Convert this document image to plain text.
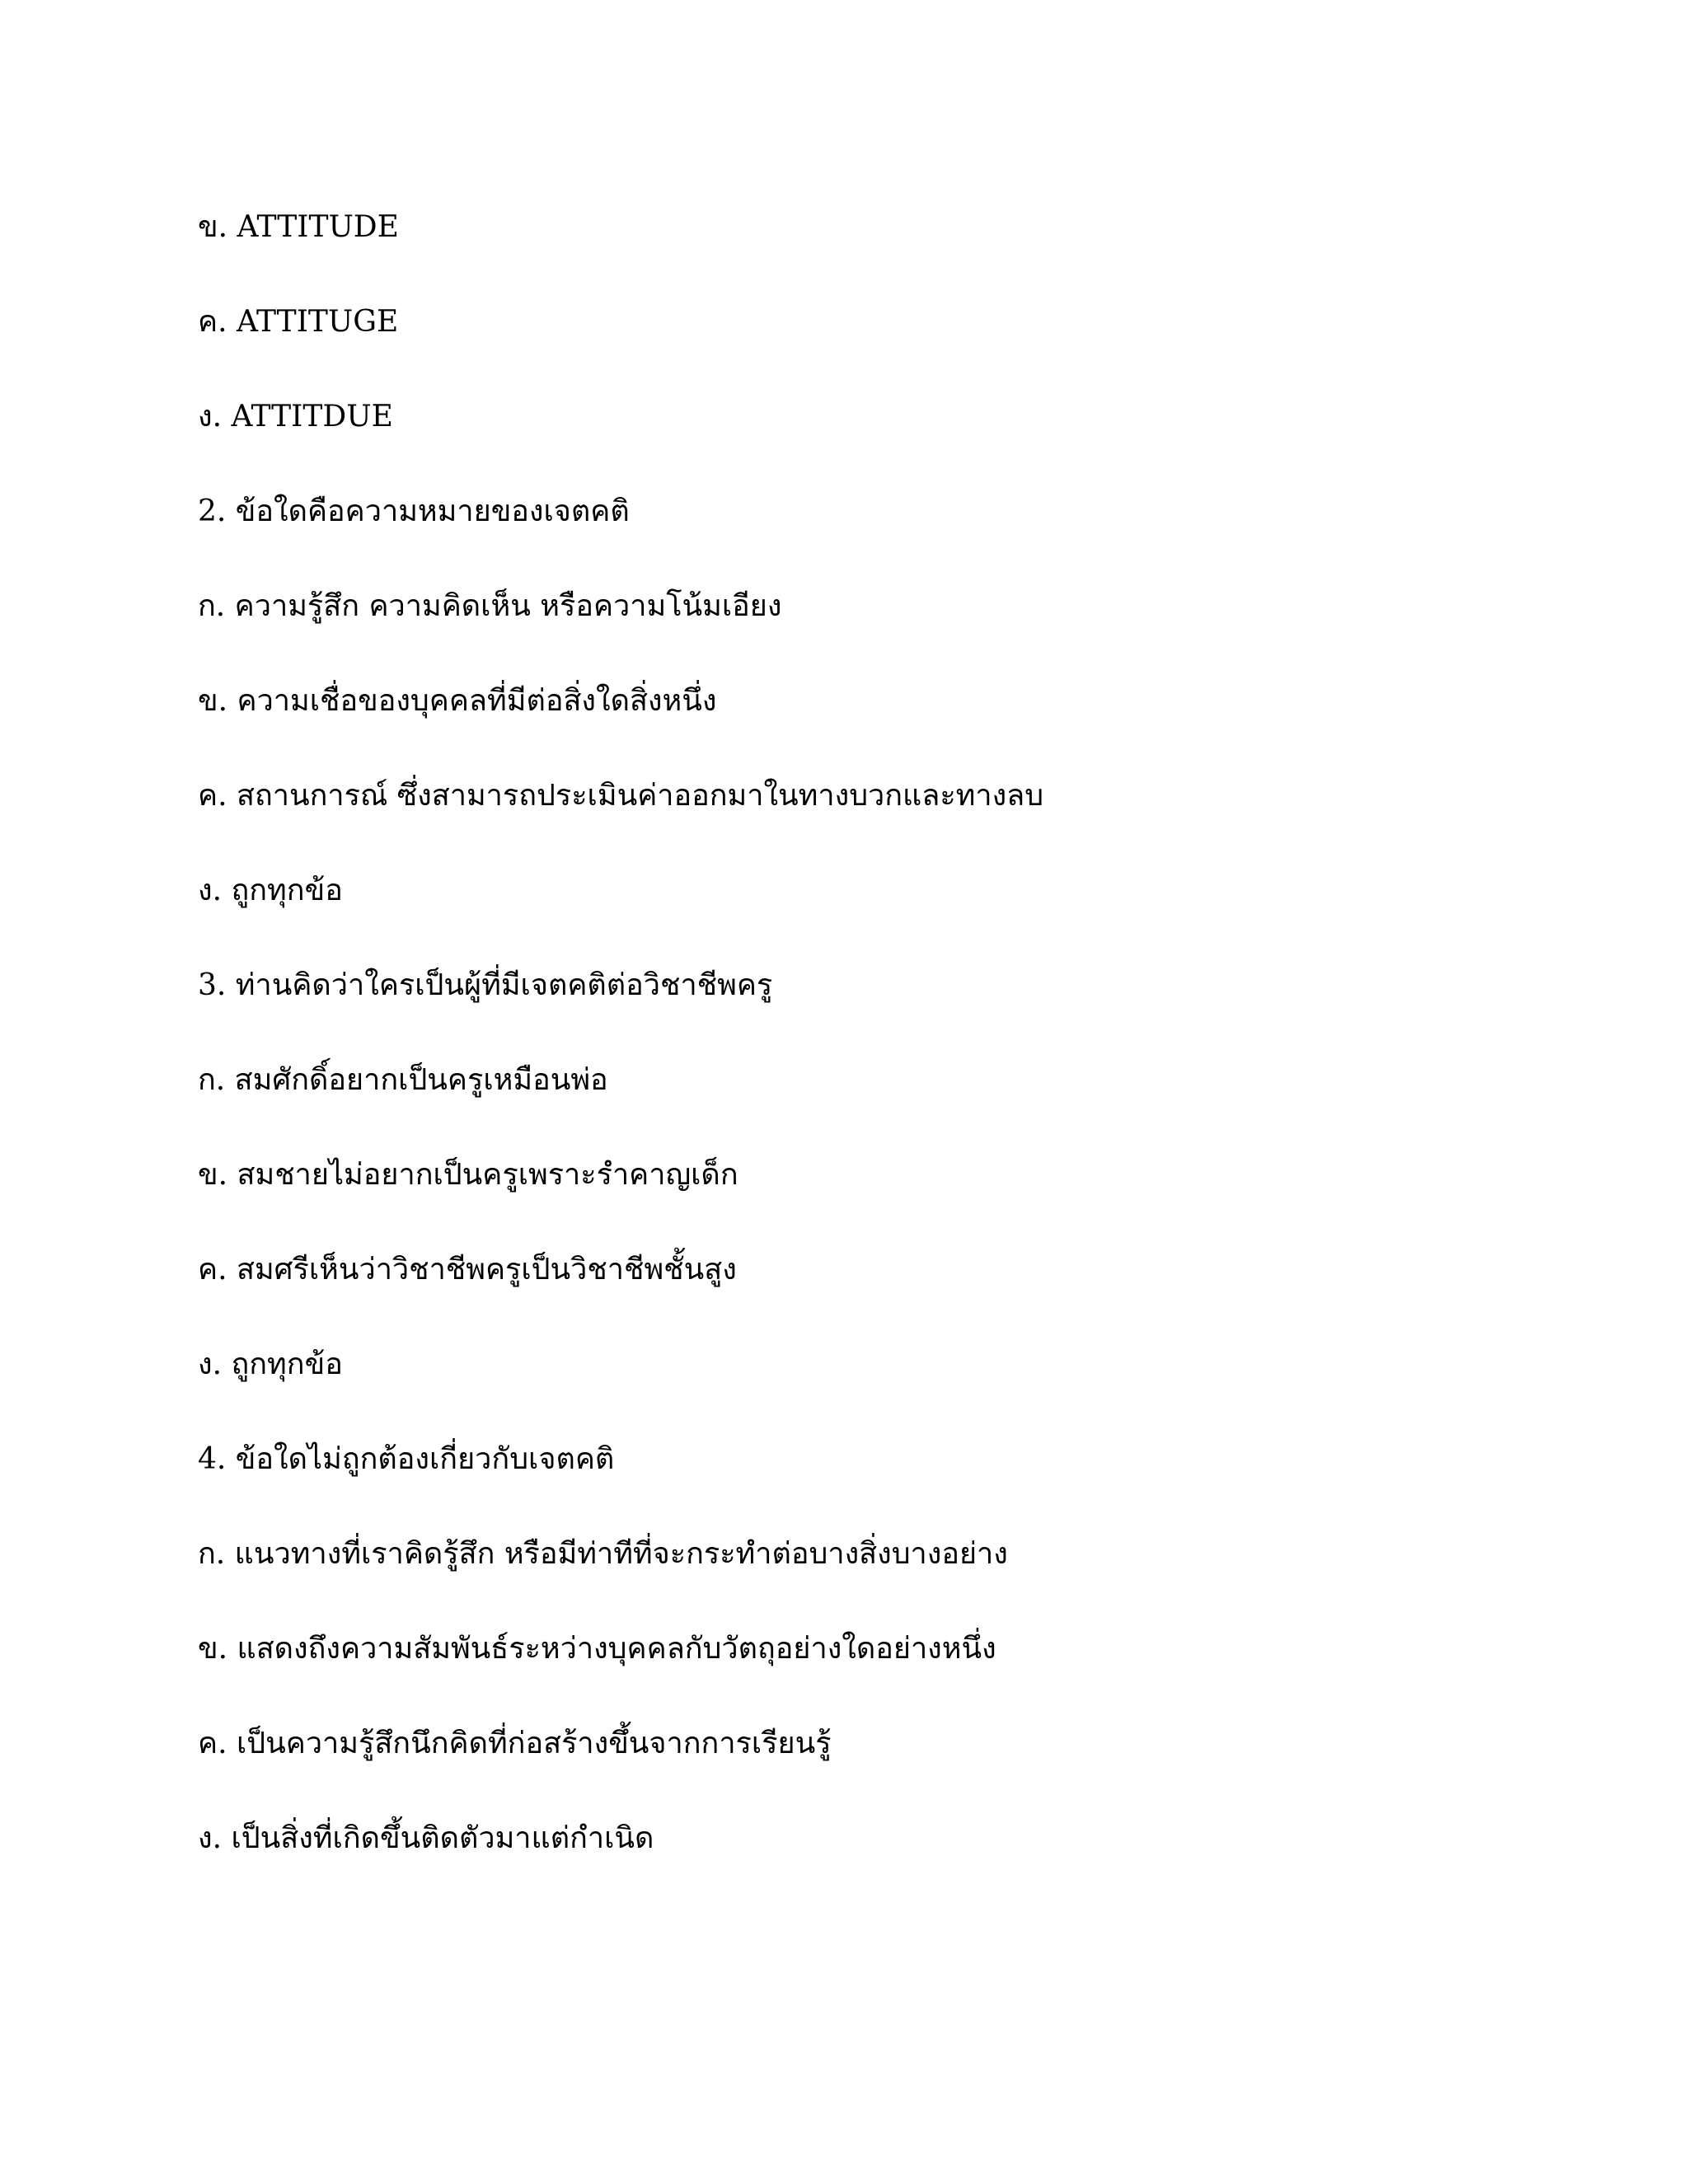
ข. ATTITUDE
ค. ATTITUGE
ง. ATTITDUE
2. ข้อใดคือความหมายของเจตคติ
ก. ความรู้สึก ความคิดเห็น หรือความโน้มเอียง
ข. ความเชื่อของบุคคลที่มีต่อสิ่งใดสิ่งหนึ่ง
ค. สถานการณ์ ซึ่งสามารถประเมินค่าออกมาในทางบวกและทางลบ
ง. ถูกทุกข้อ
3. ท่านคิดว่าใครเป็นผู้ที่มีเจตคติต่อวิชาชีพครู
ก. สมศักดิ์อยากเป็นครูเหมือนพ่อ
ข. สมชายไม่อยากเป็นครูเพราะรำคาญเด็ก
ค. สมศรีเห็นว่าวิชาชีพครูเป็นวิชาชีพชั้นสูง
ง. ถูกทุกข้อ
4. ข้อใดไม่ถูกต้องเกี่ยวกับเจตคติ
ก. แนวทางที่เราคิดรู้สึก หรือมีท่าทีที่จะกระทำต่อบางสิ่งบางอย่าง
ข. แสดงถึงความสัมพันธ์ระหว่างบุคคลกับวัตถุอย่างใดอย่างหนึ่ง
ค. เป็นความรู้สึกนึกคิดที่ก่อสร้างขึ้นจากการเรียนรู้
ง. เป็นสิ่งที่เกิดขึ้นติดตัวมาแต่กำเนิด
